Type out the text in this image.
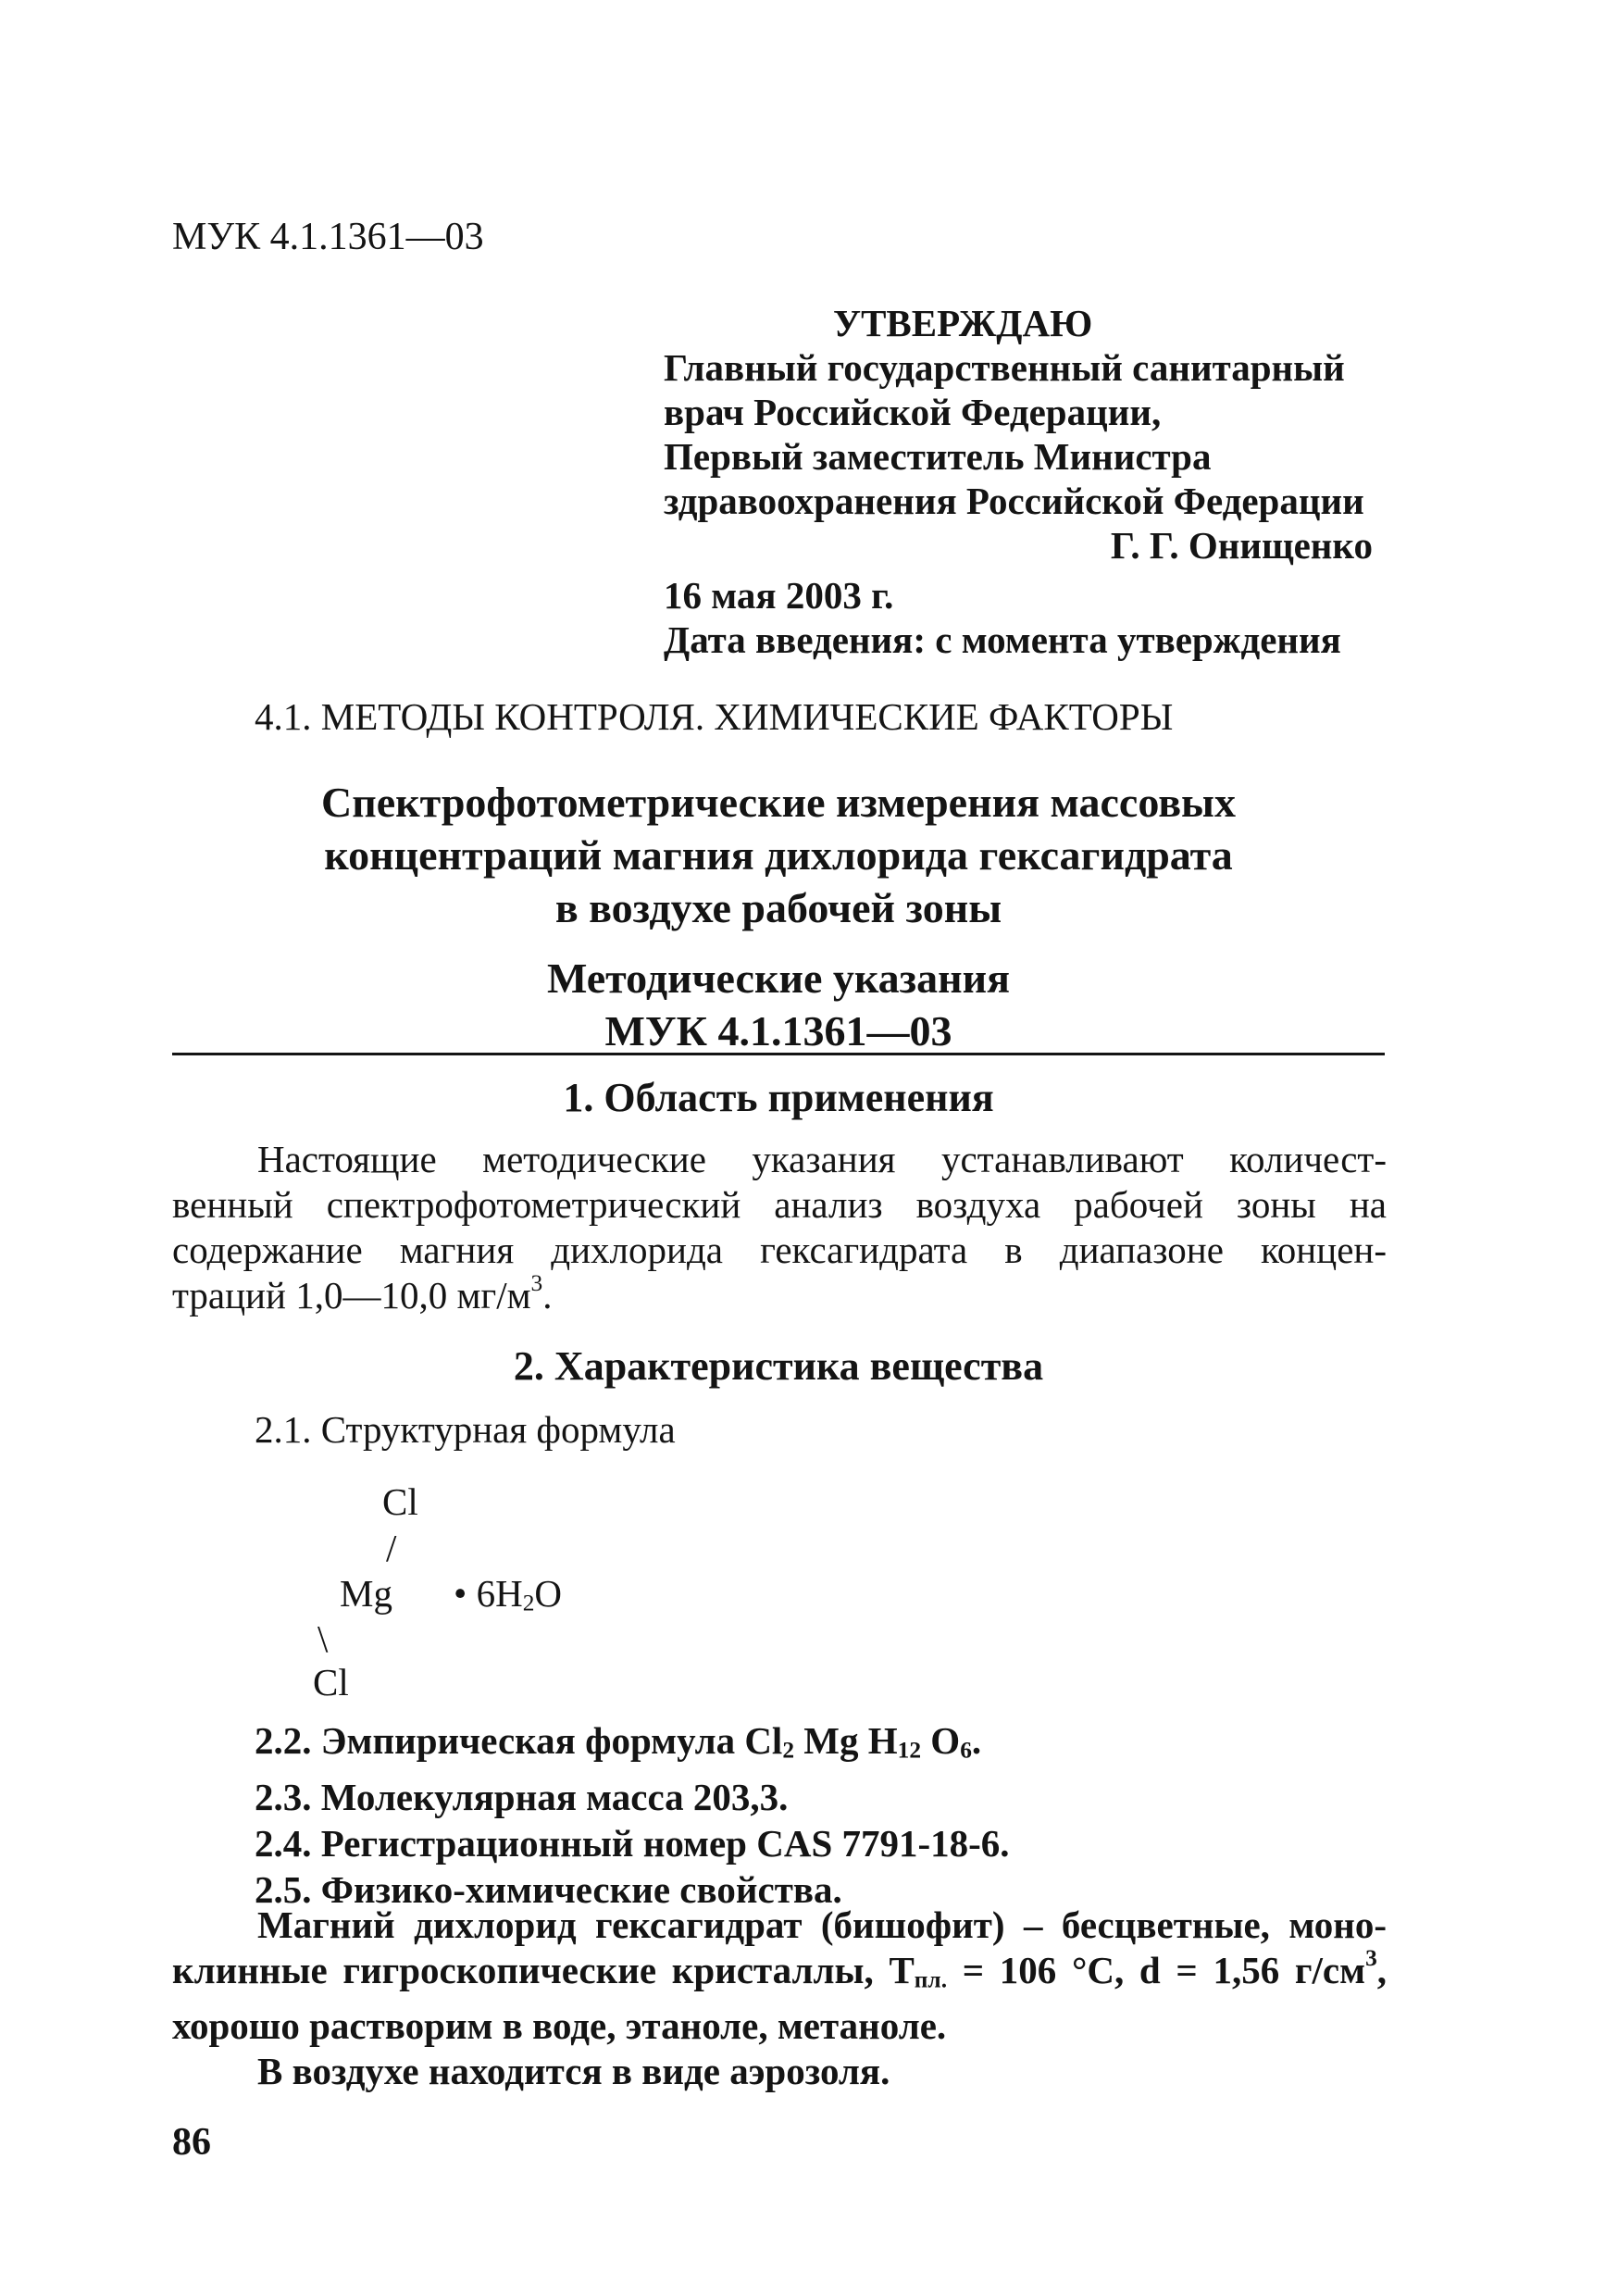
МУК 4.1.1361—03
УТВЕРЖДАЮ
Главный государственный санитарный
врач Российской Федерации,
Первый заместитель Министра
здравоохранения Российской Федерации
Г. Г. Онищенко
16 мая 2003 г.
Дата введения: с момента утверждения
4.1. МЕТОДЫ КОНТРОЛЯ. ХИМИЧЕСКИЕ ФАКТОРЫ
Спектрофотометрические измерения массовых
концентраций магния дихлорида гексагидрата
в воздухе рабочей зоны
Методические указания
МУК 4.1.1361—03
1. Область применения
Настоящие методические указания устанавливают количест-
венный спектрофотометрический анализ воздуха рабочей зоны на
содержание магния дихлорида гексагидрата в диапазоне концен-
траций 1,0—10,0 $мг/м^3$.
2. Характеристика вещества
2.1. Структурная формула
Cl
/
Mg • $6H_2O$
\
Cl
2.2. Эмпирическая формула $Cl_2$ Mg $H_{12}$ $O_6$.
2.3. Молекулярная масса 203,3.
2.4. Регистрационный номер CAS 7791-18-6.
2.5. Физико-химические свойства.
Магний дихлорид гексагидрат (бишофит) – бесцветные, моно-
клинные гигроскопические кристаллы, $Т_{пл.} = 106$ °C, d = 1,56 $г/см^3$,
хорошо растворим в воде, этаноле, метаноле.
В воздухе находится в виде аэрозоля.
86
